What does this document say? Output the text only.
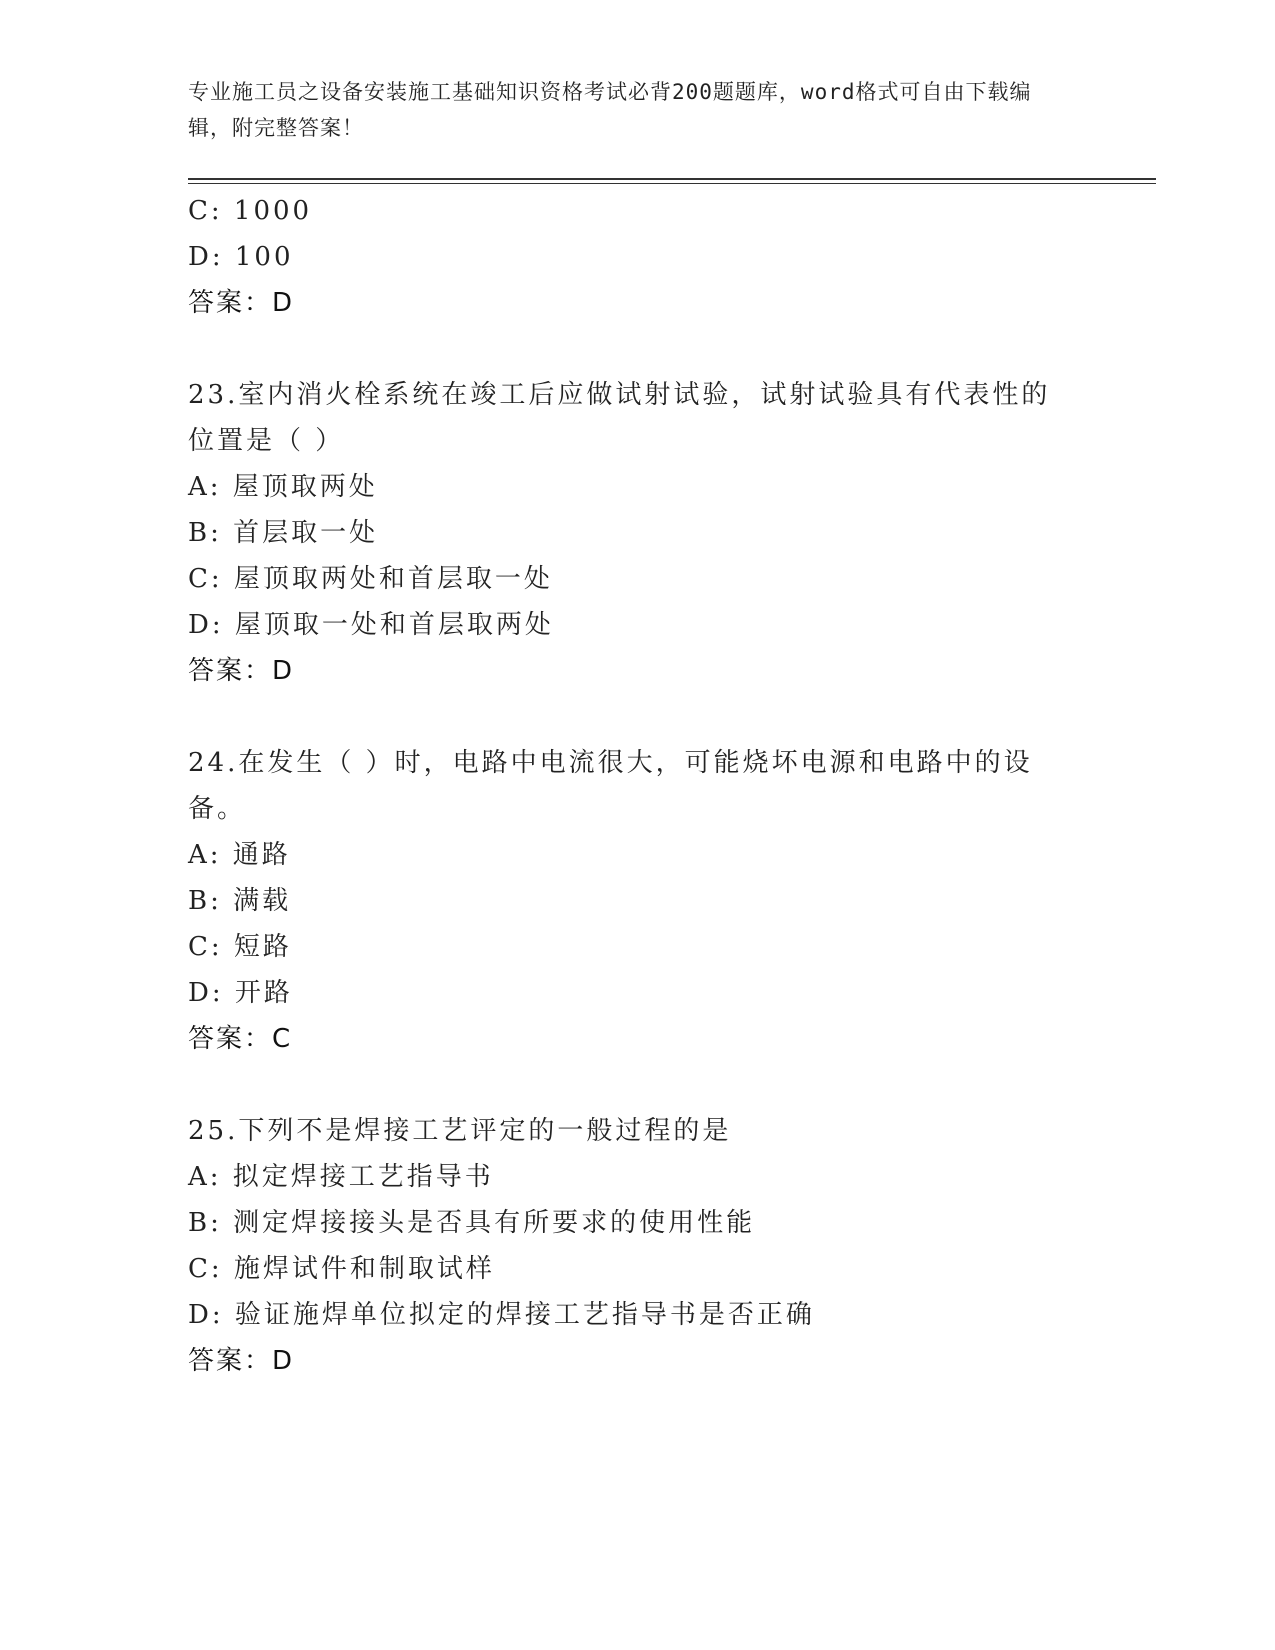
专业施工员之设备安装施工基础知识资格考试必背200题题库，word格式可自由下载编辑，附完整答案！
C: 1000
D: 100
答案：D
23.室内消火栓系统在竣工后应做试射试验，试射试验具有代表性的位置是（ ）
A: 屋顶取两处
B: 首层取一处
C: 屋顶取两处和首层取一处
D: 屋顶取一处和首层取两处
答案：D
24.在发生（ ）时，电路中电流很大，可能烧坏电源和电路中的设备。
A: 通路
B: 满载
C: 短路
D: 开路
答案：C
25.下列不是焊接工艺评定的一般过程的是
A: 拟定焊接工艺指导书
B: 测定焊接接头是否具有所要求的使用性能
C: 施焊试件和制取试样
D: 验证施焊单位拟定的焊接工艺指导书是否正确
答案：D
